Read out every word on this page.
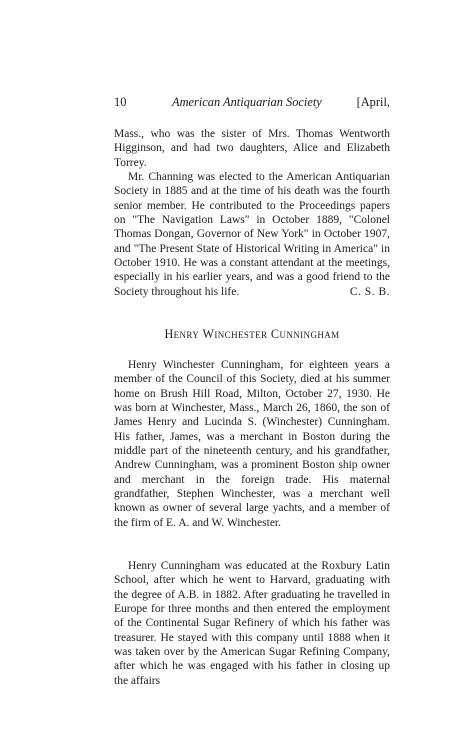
10	American Antiquarian Society	[April,

Mass., who was the sister of Mrs. Thomas Wentworth Higginson, and had two daughters, Alice and Elizabeth Torrey.

Mr. Channing was elected to the American Antiquarian Society in 1885 and at the time of his death was the fourth senior member. He contributed to the Proceedings papers on "The Navigation Laws" in October 1889, "Colonel Thomas Dongan, Governor of New York" in October 1907, and "The Present State of Historical Writing in America" in October 1910. He was a constant attendant at the meetings, especially in his earlier years, and was a good friend to the Society throughout his life.	C. S. B.
Henry Winchester Cunningham

Henry Winchester Cunningham, for eighteen years a member of the Council of this Society, died at his summer home on Brush Hill Road, Milton, October 27, 1930. He was born at Winchester, Mass., March 26, 1860, the son of James Henry and Lucinda S. (Winchester) Cunningham. His father, James, was a merchant in Boston during the middle part of the nineteenth century, and his grandfather, Andrew Cunningham, was a prominent Boston ship owner and merchant in the foreign trade. His maternal grandfather, Stephen Winchester, was a merchant well known as owner of several large yachts, and a member of the firm of E. A. and W. Winchester.

Henry Cunningham was educated at the Roxbury Latin School, after which he went to Harvard, graduating with the degree of A.B. in 1882. After graduating he travelled in Europe for three months and then entered the employment of the Continental Sugar Refinery of which his father was treasurer. He stayed with this company until 1888 when it was taken over by the American Sugar Refining Company, after which he was engaged with his father in closing up the affairs
